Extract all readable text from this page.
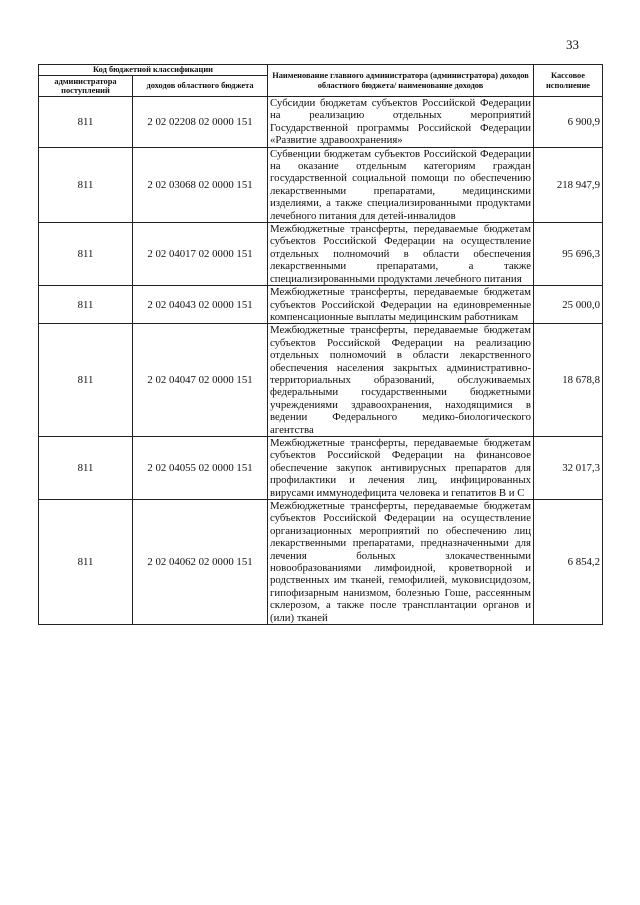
33
Код бюджетной классификации		Наименование главного администратора (администратора) доходов областного бюджета/ наименование доходов	Кассовое исполнение
администратора поступлений	доходов областного бюджета		
811	2 02 02208 02 0000 151	Субсидии бюджетам субъектов Российской Федерации на реализацию отдельных мероприятий Государственной программы Российской Федерации «Развитие здравоохранения»	6 900,9
811	2 02 03068 02 0000 151	Субвенции бюджетам субъектов Российской Федерации на оказание отдельным категориям граждан государственной социальной помощи по обеспечению лекарственными препаратами, медицинскими изделиями, а также специализированными продуктами лечебного питания для детей-инвалидов	218 947,9
811	2 02 04017 02 0000 151	Межбюджетные трансферты, передаваемые бюджетам субъектов Российской Федерации на осуществление отдельных полномочий в области обеспечения лекарственными препаратами, а также специализированными продуктами лечебного питания	95 696,3
811	2 02 04043 02 0000 151	Межбюджетные трансферты, передаваемые бюджетам субъектов Российской Федерации на единовременные компенсационные выплаты медицинским работникам	25 000,0
811	2 02 04047 02 0000 151	Межбюджетные трансферты, передаваемые бюджетам субъектов Российской Федерации на реализацию отдельных полномочий в области лекарственного обеспечения населения закрытых административно-территориальных образований, обслуживаемых федеральными государственными бюджетными учреждениями здравоохранения, находящимися в ведении Федерального медико-биологического агентства	18 678,8
811	2 02 04055 02 0000 151	Межбюджетные трансферты, передаваемые бюджетам субъектов Российской Федерации на финансовое обеспечение закупок антивирусных препаратов для профилактики и лечения лиц, инфицированных вирусами иммунодефицита человека и гепатитов B и C	32 017,3
811	2 02 04062 02 0000 151	Межбюджетные трансферты, передаваемые бюджетам субъектов Российской Федерации на осуществление организационных мероприятий по обеспечению лиц лекарственными препаратами, предназначенными для лечения больных злокачественными новообразованиями лимфоидной, кроветворной и родственных им тканей, гемофилией, муковисцидозом, гипофизарным нанизмом, болезнью Гоше, рассеянным склерозом, а также после трансплантации органов и (или) тканей	6 854,2
